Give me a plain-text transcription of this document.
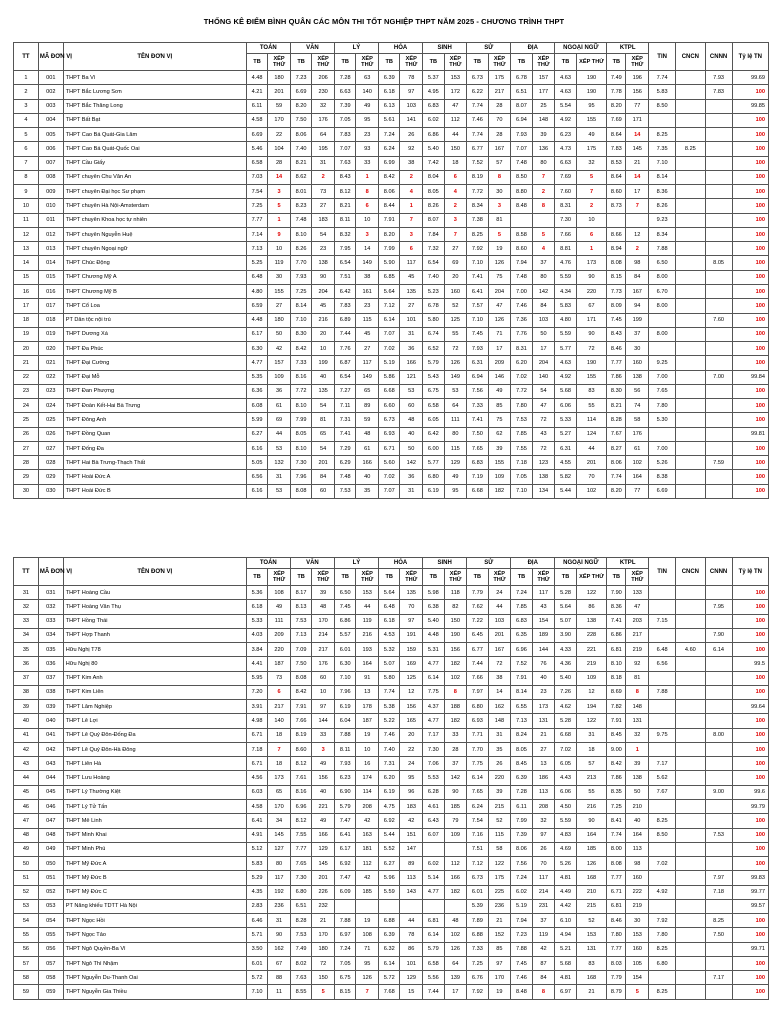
THỐNG KÊ ĐIỂM BÌNH QUÂN CÁC MÔN THI TỐT NGHIỆP THPT NĂM 2025 - CHƯƠNG TRÌNH THPT
TT	MÃ ĐƠN VỊ	TÊN ĐƠN VỊ	TOÁN		VĂN		LÝ		HÓA		SINH		SỬ		ĐỊA		NGOẠI NGỮ		KTPL		TIN	CNCN	CNNN	Tỷ lệ TN
			TB	XẾP THỨ	TB	XẾP THỨ	TB	XẾP THỨ	TB	XẾP THỨ	TB	XẾP THỨ	TB	XẾP THỨ	TB	XẾP THỨ	TB	XẾP THỨ	TB	XẾP THỨ				
1	001	THPT Ba Vì	4.48	180	7.23	206	7.28	63	6.39	78	5.37	153	6.73	175	6.78	157	4.63	190	7.49	196	7.74		7.93	99.69
2	002	THPT Bắc Lương Sơn	4.21	201	6.69	230	6.63	140	6.18	97	4.95	172	6.22	217	6.51	177	4.63	190	7.78	156	5.83		7.83	100
3	003	THPT Bắc Thăng Long	6.11	59	8.20	32	7.39	49	6.13	103	6.83	47	7.74	28	8.07	25	5.54	95	8.20	77	8.50			99.85
4	004	THPT Bất Bạt	4.58	170	7.50	176	7.05	95	5.61	141	6.02	112	7.46	70	6.94	148	4.92	155	7.69	171				100
5	005	THPT Cao Bá Quát-Gia Lâm	6.69	22	8.06	64	7.83	23	7.24	26	6.86	44	7.74	28	7.93	39	6.23	49	8.64	14	8.25			100
6	006	THPT Cao Bá Quát-Quốc Oai	5.46	104	7.40	195	7.07	93	6.24	92	5.40	150	6.77	167	7.07	136	4.73	175	7.83	145	7.35	8.25		100
7	007	THPT Cầu Giấy	6.58	28	8.21	31	7.63	33	6.99	38	7.42	18	7.52	57	7.48	80	6.63	32	8.53	21	7.10			100
8	008	THPT chuyên Chu Văn An	7.03	14	8.62	2	8.43	1	8.42	2	8.04	6	8.19	8	8.50	7	7.69	5	8.64	14	8.14			100
9	009	THPT chuyên Đại học Sư phạm	7.54	3	8.01	73	8.12	8	8.06	4	8.05	4	7.72	30	8.80	2	7.60	7	8.60	17	8.36			100
10	010	THPT chuyên Hà Nội-Amsterdam	7.25	5	8.23	27	8.21	6	8.44	1	8.26	2	8.34	3	8.48	8	8.31	2	8.73	7	8.26			100
11	011	THPT chuyên Khoa học tự nhiên	7.77	1	7.48	183	8.11	10	7.91	7	8.07	3	7.38	81			7.30	10			9.23			100
12	012	THPT chuyên Nguyễn Huệ	7.14	9	8.10	54	8.32	3	8.20	3	7.84	7	8.25	5	8.58	5	7.66	6	8.66	12	8.34			100
13	013	THPT chuyên Ngoại ngữ	7.13	10	8.26	23	7.95	14	7.99	6	7.32	27	7.92	19	8.60	4	8.81	1	8.94	2	7.88			100
14	014	THPT Chúc Động	5.25	119	7.70	138	6.54	149	5.90	117	6.54	69	7.10	126	7.94	37	4.76	173	8.08	98	6.50		8.05	100
15	015	THPT Chương Mỹ A	6.48	30	7.93	90	7.51	38	6.85	45	7.40	20	7.41	75	7.48	80	5.59	90	8.15	84	8.00			100
16	016	THPT Chương Mỹ B	4.80	155	7.25	204	6.42	161	5.64	135	5.23	160	6.41	204	7.00	142	4.34	220	7.73	167	6.70			100
17	017	THPT Cổ Loa	6.59	27	8.14	45	7.83	23	7.12	27	6.78	52	7.57	47	7.46	84	5.83	67	8.09	94	8.00			100
18	018	PT Dân tộc nội trú	4.48	180	7.10	216	6.89	115	6.14	101	5.80	125	7.10	126	7.36	103	4.80	171	7.45	199			7.60	100
19	019	THPT Dương Xá	6.17	50	8.30	20	7.44	45	7.07	31	6.74	55	7.45	71	7.76	50	5.59	90	8.43	37	8.00			100
20	020	THPT Đa Phúc	6.30	42	8.42	10	7.76	27	7.02	36	6.52	72	7.93	17	8.31	17	5.77	72	8.46	30				100
21	021	THPT Đại Cường	4.77	157	7.33	199	6.87	117	5.19	166	5.79	126	6.31	209	6.20	204	4.63	190	7.77	160	9.25			100
22	022	THPT Đại Mỗ	5.35	109	8.16	40	6.54	149	5.86	121	5.43	149	6.94	146	7.02	140	4.92	155	7.86	138	7.00		7.00	99.84
23	023	THPT Đan Phượng	6.36	36	7.72	135	7.27	65	6.68	53	6.75	53	7.56	49	7.72	54	5.68	83	8.30	56	7.65			100
24	024	THPT Đoàn Kết-Hai Bà Trưng	6.08	61	8.10	54	7.11	89	6.60	60	6.58	64	7.33	85	7.80	47	6.06	55	8.21	74	7.80			100
25	025	THPT Đông Anh	5.99	69	7.99	81	7.31	59	6.73	48	6.05	111	7.41	75	7.53	72	5.33	114	8.28	58	5.30			100
26	026	THPT Đồng Quan	6.27	44	8.05	65	7.41	48	6.93	40	6.42	80	7.50	62	7.85	43	5.27	124	7.67	176				99.81
27	027	THPT Đống Đa	6.16	53	8.10	54	7.29	61	6.71	50	6.00	115	7.65	39	7.55	72	6.31	44	8.27	61	7.00			100
28	028	THPT Hai Bà Trưng-Thạch Thất	5.05	132	7.30	201	6.29	166	5.60	142	5.77	129	6.83	155	7.18	123	4.55	201	8.06	102	5.26		7.59	100
29	029	THPT Hoài Đức A	6.56	31	7.96	84	7.48	40	7.02	36	6.80	49	7.19	109	7.05	138	5.82	70	7.74	164	8.38			100
30	030	THPT Hoài Đức B	6.16	53	8.08	60	7.53	35	7.07	31	6.19	95	6.68	182	7.10	134	5.44	102	8.20	77	6.69			100
TT	MÃ ĐƠN VỊ	TÊN ĐƠN VỊ	TOÁN		VĂN		LÝ		HÓA		SINH		SỬ		ĐỊA		NGOẠI NGỮ		KTPL		TIN	CNCN	CNNN	Tỷ lệ TN
			TB	XẾP THỨ	TB	XẾP THỨ	TB	XẾP THỨ	TB	XẾP THỨ	TB	XẾP THỨ	TB	XẾP THỨ	TB	XẾP THỨ	TB	XẾP THỨ	TB	XẾP THỨ				
31	031	THPT Hoàng Cầu	5.36	108	8.17	39	6.50	153	5.64	135	5.98	118	7.79	24	7.24	117	5.28	122	7.90	133				100
32	032	THPT Hoàng Văn Thụ	6.18	49	8.13	48	7.45	44	6.48	70	6.38	82	7.62	44	7.85	43	5.64	86	8.36	47			7.95	100
33	033	THPT Hồng Thái	5.33	111	7.53	170	6.86	119	6.18	97	5.40	150	7.22	103	6.83	154	5.07	138	7.41	203	7.15			100
34	034	THPT Hợp Thanh	4.03	209	7.13	214	5.57	216	4.53	191	4.48	190	6.45	201	6.35	189	3.90	228	6.86	217			7.90	100
35	035	Hữu Nghị T78	3.84	220	7.09	217	6.01	193	5.32	159	5.31	156	6.77	167	6.96	144	4.33	221	6.81	219	6.48	4.60	6.14	100
36	036	Hữu Nghị 80	4.41	187	7.50	176	6.30	164	5.07	169	4.77	182	7.44	72	7.52	76	4.36	219	8.10	92	6.56			99.5
37	037	THPT Kim Anh	5.95	73	8.08	60	7.10	91	5.80	125	6.14	102	7.66	38	7.91	40	5.40	109	8.18	81				100
38	038	THPT Kim Liên	7.20	6	8.42	10	7.96	13	7.74	12	7.75	8	7.97	14	8.14	23	7.26	12	8.69	8	7.88			100
39	039	THPT Lâm Nghiệp	3.91	217	7.91	97	6.19	178	5.38	156	4.37	188	6.80	162	6.55	173	4.62	194	7.82	148				99.64
40	040	THPT Lê Lợi	4.98	140	7.66	144	6.04	187	5.22	165	4.77	182	6.93	148	7.13	131	5.28	122	7.91	131				100
41	041	THPT Lê Quý Đôn-Đống Đa	6.71	18	8.19	33	7.88	19	7.46	20	7.17	33	7.71	31	8.24	21	6.68	31	8.45	32	9.75		8.00	100
42	042	THPT Lê Quý Đôn-Hà Đông	7.18	7	8.60	3	8.11	10	7.40	22	7.30	28	7.70	35	8.05	27	7.02	18	9.00	1				100
43	043	THPT Liên Hà	6.71	18	8.12	49	7.93	16	7.31	24	7.06	37	7.75	26	8.45	13	6.05	57	8.42	39	7.17			100
44	044	THPT Lưu Hoàng	4.56	173	7.61	156	6.23	174	6.20	95	5.53	142	6.14	220	6.39	186	4.43	213	7.86	138	5.62			100
45	045	THPT Lý Thường Kiệt	6.03	65	8.16	40	6.90	114	6.19	96	6.28	90	7.65	39	7.28	113	6.06	55	8.35	50	7.67		9.00	99.6
46	046	THPT Lý Tử Tấn	4.58	170	6.96	221	5.79	208	4.75	183	4.61	185	6.24	215	6.11	208	4.50	216	7.25	210				99.79
47	047	THPT Mê Linh	6.41	34	8.12	49	7.47	42	6.92	42	6.43	79	7.54	52	7.99	32	5.59	90	8.41	40	8.25			100
48	048	THPT Minh Khai	4.91	145	7.55	166	6.41	163	5.44	151	6.07	109	7.16	115	7.39	97	4.83	164	7.74	164	8.50		7.53	100
49	049	THPT Minh Phú	5.12	127	7.77	129	6.17	181	5.52	147			7.51	58	8.06	26	4.69	185	8.00	113				100
50	050	THPT Mỹ Đức A	5.83	80	7.65	145	6.92	112	6.27	89	6.02	112	7.12	122	7.56	70	5.26	126	8.08	98	7.02			100
51	051	THPT Mỹ Đức B	5.29	117	7.30	201	7.47	42	5.96	113	5.14	166	6.73	175	7.24	117	4.81	168	7.77	160			7.97	99.83
52	052	THPT Mỹ Đức C	4.35	192	6.80	226	6.09	185	5.59	143	4.77	182	6.01	225	6.02	214	4.49	210	6.71	222	4.92		7.18	99.77
53	053	PT Năng khiếu TDTT Hà Nội	2.83	236	6.51	232							5.39	236	5.19	231	4.42	215	6.81	219				99.57
54	054	THPT Ngọc Hồi	6.46	31	8.28	21	7.88	19	6.88	44	6.81	48	7.89	21	7.94	37	6.10	52	8.46	30	7.92		8.25	100
55	055	THPT Ngọc Tảo	5.71	90	7.53	170	6.97	108	6.39	78	6.14	102	6.88	152	7.23	119	4.94	153	7.80	153	7.80		7.50	100
56	056	THPT Ngô Quyền-Ba Vì	3.50	162	7.49	180	7.24	71	6.32	86	5.79	126	7.33	85	7.88	42	5.21	131	7.77	160	8.25			99.71
57	057	THPT Ngô Thì Nhậm	6.01	67	8.02	72	7.05	95	6.14	101	6.58	64	7.25	97	7.45	87	5.68	83	8.03	105	6.80			100
58	058	THPT Nguyễn Du-Thanh Oai	5.72	88	7.63	150	6.75	126	5.72	129	5.56	139	6.76	170	7.46	84	4.81	168	7.79	154			7.17	100
59	059	THPT Nguyễn Gia Thiều	7.10	11	8.55	5	8.15	7	7.68	15	7.44	17	7.92	19	8.48	8	6.97	21	8.79	5	8.25			100
